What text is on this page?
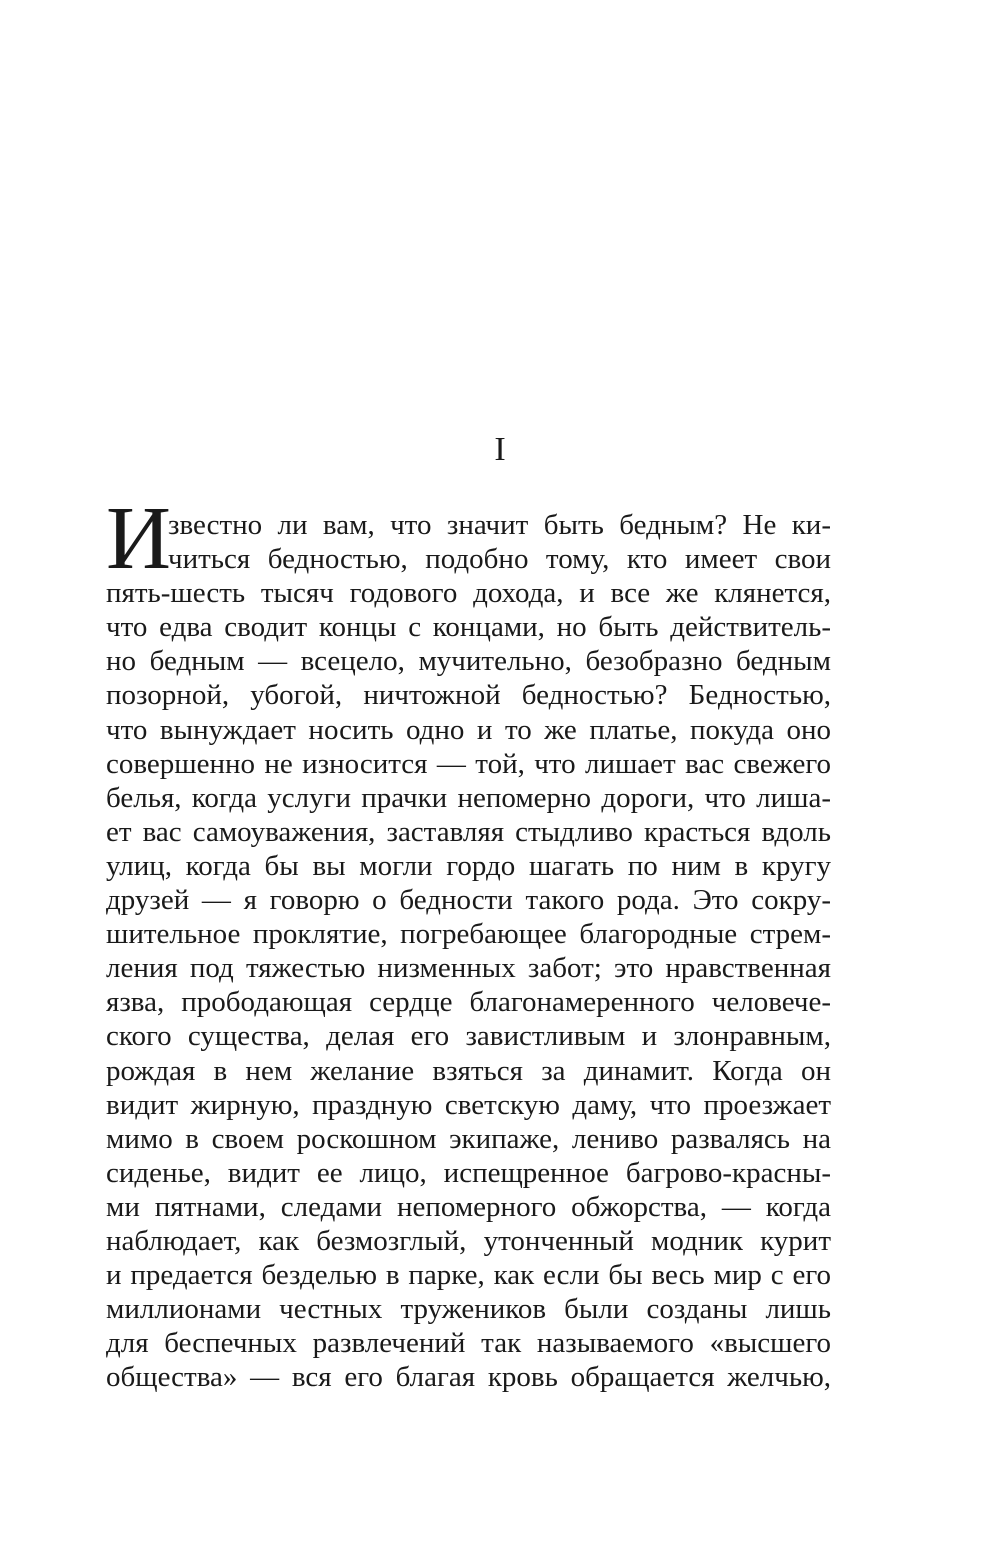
I
И
звестно ли вам, что значит быть бедным? Не ки-
читься бедностью, подобно тому, кто имеет свои
пять-шесть тысяч годового дохода, и все же клянется,
что едва сводит концы с концами, но быть действитель-
но бедным — всецело, мучительно, безобразно бедным
позорной, убогой, ничтожной бедностью? Бедностью,
что вынуждает носить одно и то же платье, покуда оно
совершенно не износится — той, что лишает вас свежего
белья, когда услуги прачки непомерно дороги, что лиша-
ет вас самоуважения, заставляя стыдливо красться вдоль
улиц, когда бы вы могли гордо шагать по ним в кругу
друзей — я говорю о бедности такого рода. Это сокру-
шительное проклятие, погребающее благородные стрем-
ления под тяжестью низменных забот; это нравственная
язва, прободающая сердце благонамеренного человече-
ского существа, делая его завистливым и злонравным,
рождая в нем желание взяться за динамит. Когда он
видит жирную, праздную светскую даму, что проезжает
мимо в своем роскошном экипаже, лениво развалясь на
сиденье, видит ее лицо, испещренное багрово-красны-
ми пятнами, следами непомерного обжорства, — когда
наблюдает, как безмозглый, утонченный модник курит
и предается безделью в парке, как если бы весь мир с его
миллионами честных тружеников были созданы лишь
для беспечных развлечений так называемого «высшего
общества» — вся его благая кровь обращается желчью,
